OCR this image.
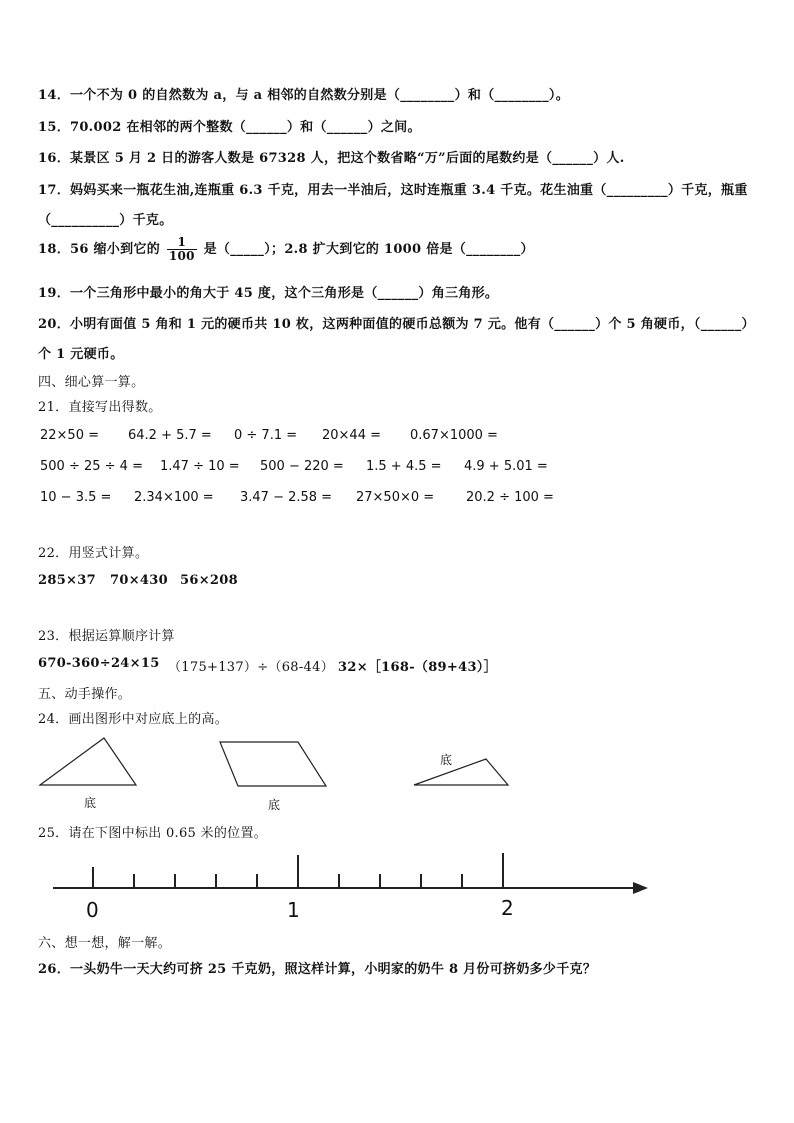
14．一个不为 0 的自然数为 a，与 a 相邻的自然数分别是（________）和（________）。
15．70.002 在相邻的两个整数（______）和（______）之间。
16．某景区 5 月 2 日的游客人数是 67328 人，把这个数省略“万”后面的尾数约是（______）人.
17．妈妈买来一瓶花生油,连瓶重 6.3 千克，用去一半油后，这时连瓶重 3.4 千克。花生油重（_________）千克，瓶重
（__________）千克。
18．56 缩小到它的 $\frac{1}{100}$ 是（_____）；2.8 扩大到它的 1000 倍是（________）
19．一个三角形中最小的角大于 45 度，这个三角形是（______）角三角形。
20．小明有面值 5 角和 1 元的硬币共 10 枚，这两种面值的硬币总额为 7 元。他有（______）个 5 角硬币，（______）
个 1 元硬币。
四、细心算一算。
21．直接写出得数。
22×50 = 64.2 + 5.7 = 0 ÷ 7.1 = 20×44 = 0.67×1000 =
500 ÷ 25 ÷ 4 = 1.47 ÷ 10 = 500 − 220 = 1.5 + 4.5 = 4.9 + 5.01 =
10 − 3.5 = 2.34×100 = 3.47 − 2.58 = 27×50×0 = 20.2 ÷ 100 =
22．用竖式计算。
285×37 70×430 56×208
23．根据运算顺序计算
670-360÷24×15 （175+137）÷（68-44） 32×［168-（89+43）］
五、动手操作。
24．画出图形中对应底上的高。
底	底
底
25．请在下图中标出 0.65 米的位置。
0	1	2
六、想一想，解一解。
26．一头奶牛一天大约可挤 25 千克奶，照这样计算，小明家的奶牛 8 月份可挤奶多少千克？
